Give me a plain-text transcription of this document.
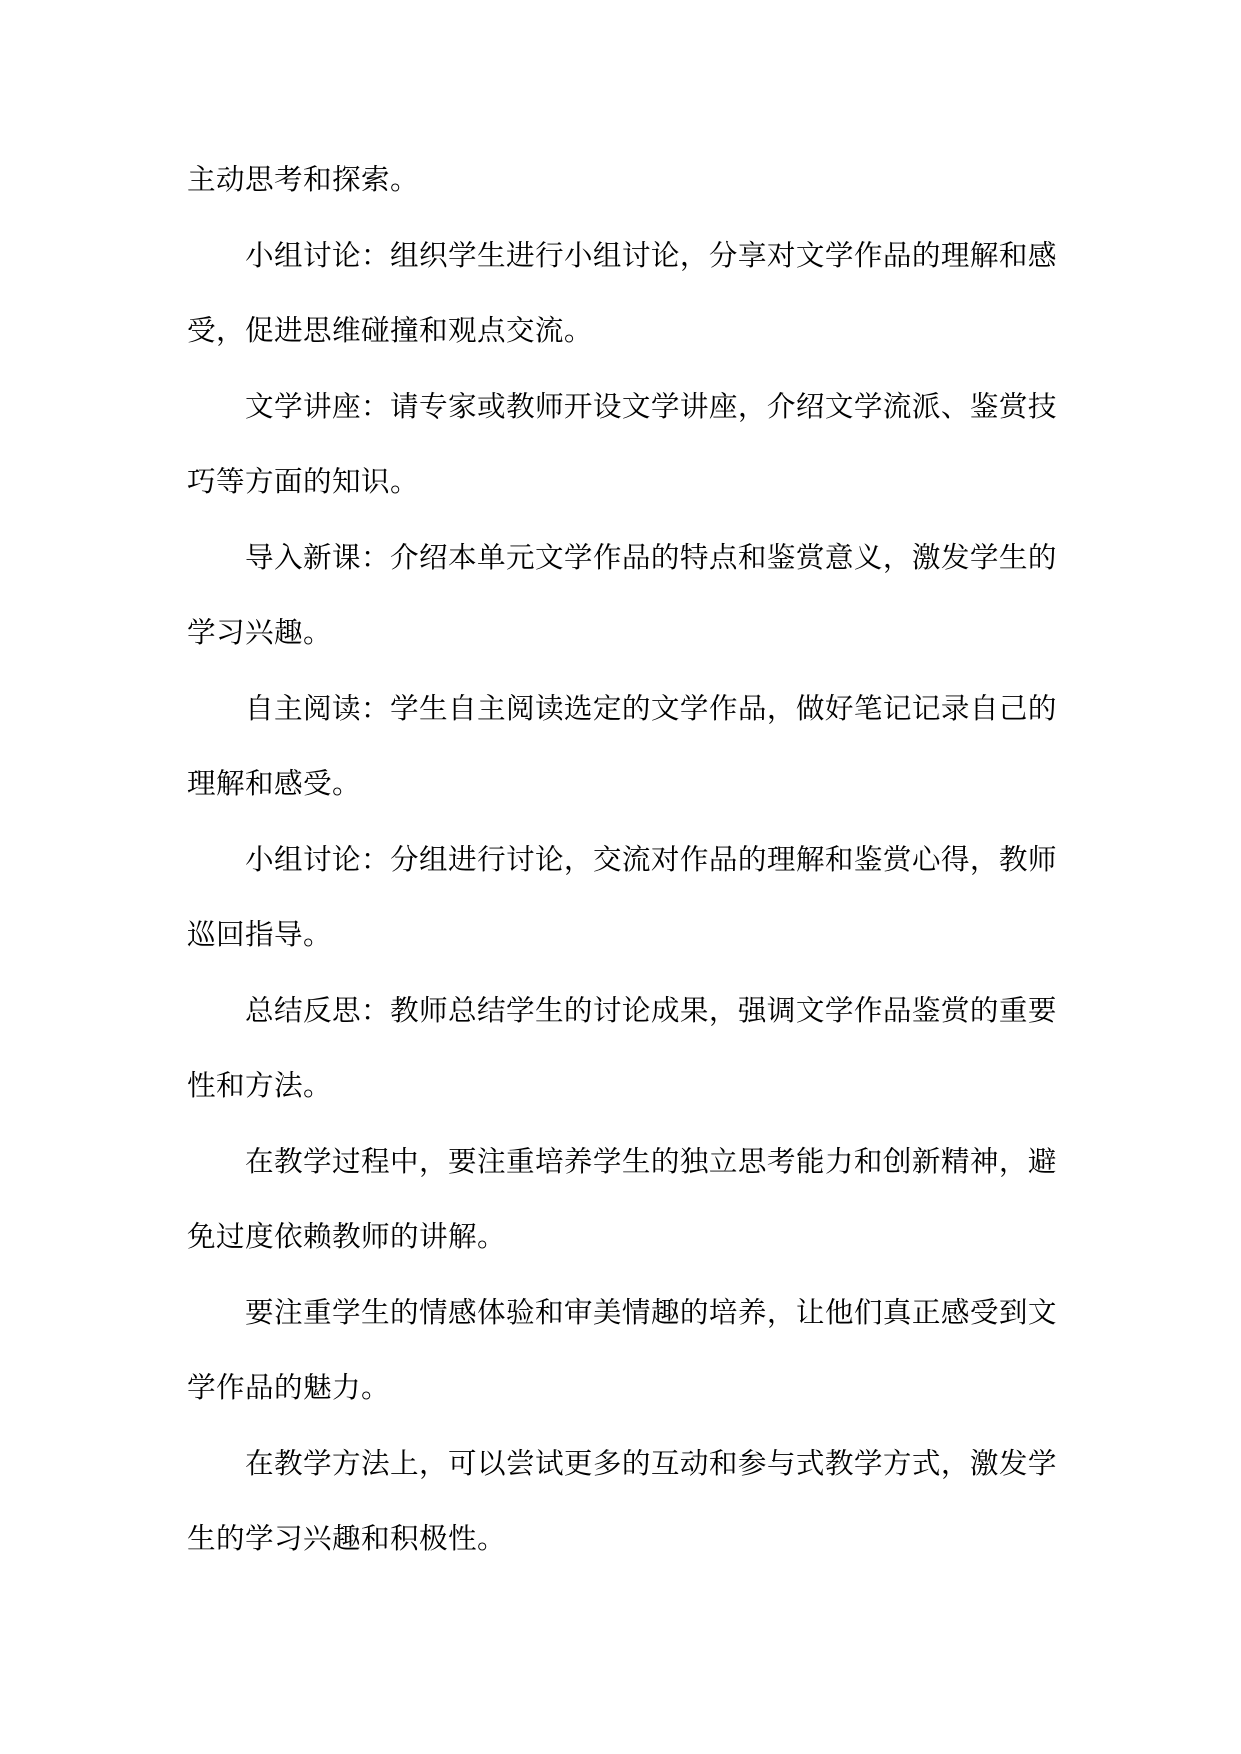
主动思考和探索。

小组讨论：组织学生进行小组讨论，分享对文学作品的理解和感
受，促进思维碰撞和观点交流。

文学讲座：请专家或教师开设文学讲座，介绍文学流派、鉴赏技
巧等方面的知识。

导入新课：介绍本单元文学作品的特点和鉴赏意义，激发学生的
学习兴趣。

自主阅读：学生自主阅读选定的文学作品，做好笔记记录自己的
理解和感受。

小组讨论：分组进行讨论，交流对作品的理解和鉴赏心得，教师
巡回指导。

总结反思：教师总结学生的讨论成果，强调文学作品鉴赏的重要
性和方法。

在教学过程中，要注重培养学生的独立思考能力和创新精神，避
免过度依赖教师的讲解。

要注重学生的情感体验和审美情趣的培养，让他们真正感受到文
学作品的魅力。

在教学方法上，可以尝试更多的互动和参与式教学方式，激发学
生的学习兴趣和积极性。
